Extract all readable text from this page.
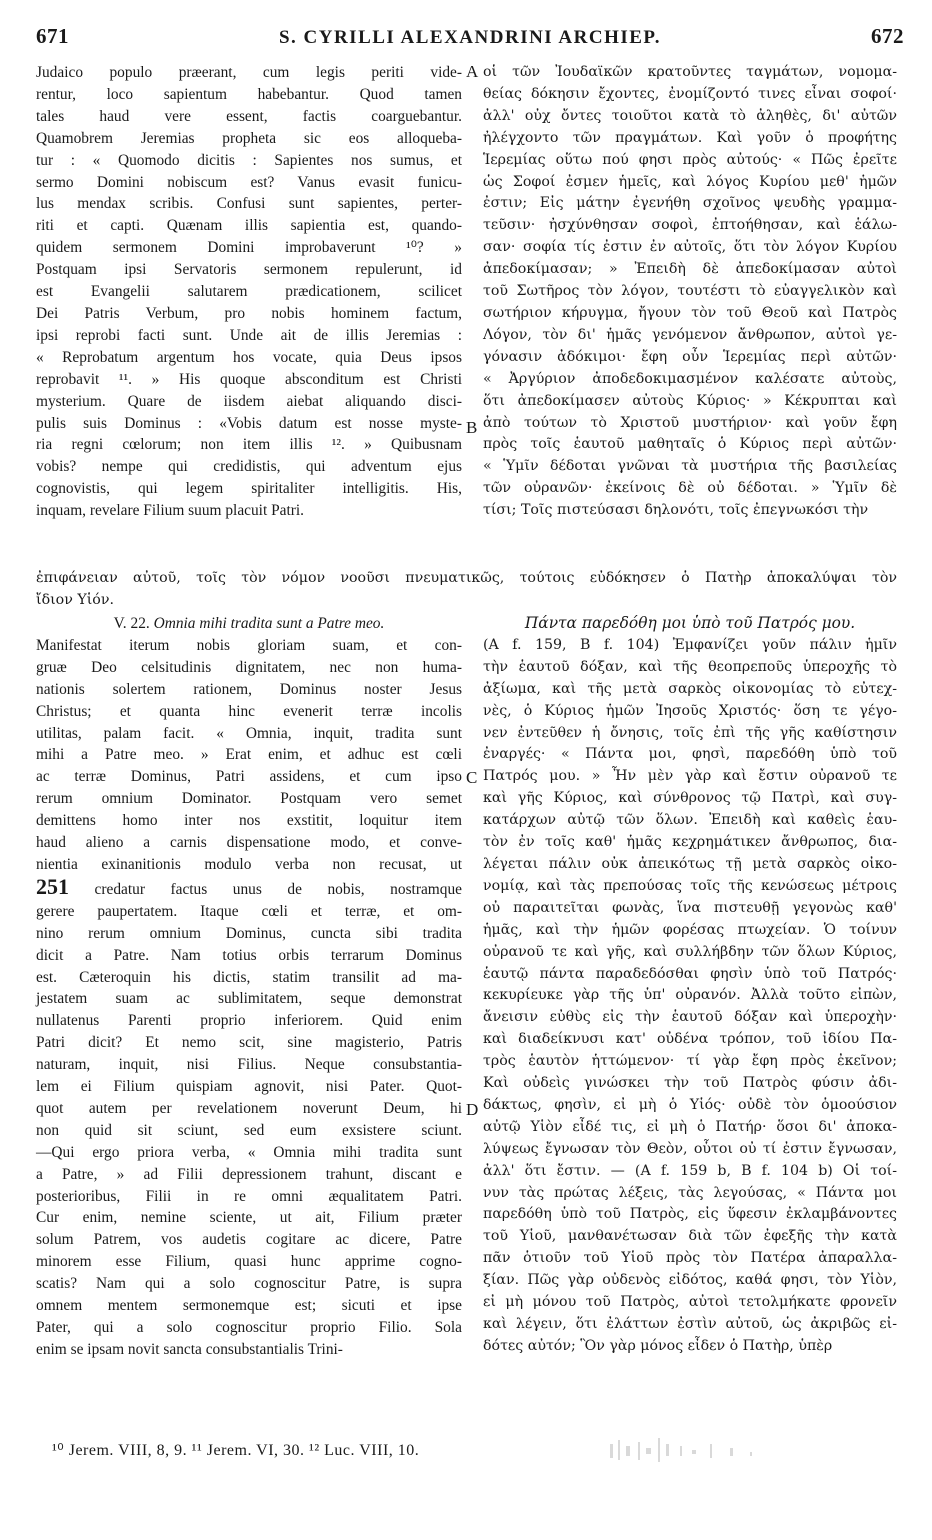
671	S. CYRILLI ALEXANDRINI ARCHIEP.	672
Judaico populo præerant, cum legis periti vide-
rentur, loco sapientum habebantur. Quod tamen
tales haud vere essent, factis coarguebantur.
Quamobrem Jeremias propheta sic eos alloqueba-
tur : « Quomodo dicitis : Sapientes nos sumus, et
sermo Domini nobiscum est? Vanus evasit funicu-
lus mendax scribis. Confusi sunt sapientes, perter-
riti et capti. Quænam illis sapientia est, quando-
quidem sermonem Domini improbaverunt ¹⁰? »
Postquam ipsi Servatoris sermonem repulerunt, id
est Evangelii salutarem prædicationem, scilicet
Dei Patris Verbum, pro nobis hominem factum,
ipsi reprobi facti sunt. Unde ait de illis Jeremias :
« Reprobatum argentum hos vocate, quia Deus ipsos
reprobavit ¹¹. » His quoque absconditum est Christi
mysterium. Quare de iisdem aiebat aliquando disci-
pulis suis Dominus : «Vobis datum est nosse myste-
ria regni cœlorum; non item illis ¹². » Quibusnam
vobis? nempe qui credidistis, qui adventum ejus
cognovistis, qui legem spiritaliter intelligitis. His,
inquam, revelare Filium suum placuit Patri.
οἱ τῶν Ἰουδαϊκῶν κρατοῦντες ταγμάτων, νομομα-
θείας δόκησιν ἔχοντες, ἐνομίζοντό τινες εἶναι σοφοί·
ἀλλ' οὐχ ὄντες τοιοῦτοι κατὰ τὸ ἀληθὲς, δι' αὐτῶν
ἠλέγχοντο τῶν πραγμάτων. Καὶ γοῦν ὁ προφήτης
Ἱερεμίας οὕτω πού φησι πρὸς αὐτούς· « Πῶς ἐρεῖτε
ὡς Σοφοί ἐσμεν ἡμεῖς, καὶ λόγος Κυρίου μεθ' ἡμῶν
ἐστιν; Εἰς μάτην ἐγενήθη σχοῖνος ψευδὴς γραμμα-
τεῦσιν· ἠσχύνθησαν σοφοὶ, ἐπτοήθησαν, καὶ ἑάλω-
σαν· σοφία τίς ἐστιν ἐν αὐτοῖς, ὅτι τὸν λόγον Κυρίου
ἀπεδοκίμασαν; » Ἐπειδὴ δὲ ἀπεδοκίμασαν αὐτοὶ
τοῦ Σωτῆρος τὸν λόγον, τουτέστι τὸ εὐαγγελικὸν καὶ
σωτήριον κήρυγμα, ἤγουν τὸν τοῦ Θεοῦ καὶ Πατρὸς
Λόγον, τὸν δι' ἡμᾶς γενόμενον ἄνθρωπον, αὐτοὶ γε-
γόνασιν ἀδόκιμοι· ἔφη οὖν Ἱερεμίας περὶ αὐτῶν·
« Ἀργύριον ἀποδεδοκιμασμένον καλέσατε αὐτοὺς,
ὅτι ἀπεδοκίμασεν αὐτοὺς Κύριος· » Κέκρυπται καὶ
ἀπὸ τούτων τὸ Χριστοῦ μυστήριον· καὶ γοῦν ἔφη
πρὸς τοῖς ἑαυτοῦ μαθηταῖς ὁ Κύριος περὶ αὐτῶν·
« Ὑμῖν δέδοται γνῶναι τὰ μυστήρια τῆς βασιλείας
τῶν οὐρανῶν· ἐκείνοις δὲ οὐ δέδοται. » Ὑμῖν δὲ
τίσι; Τοῖς πιστεύσασι δηλονότι, τοῖς ἐπεγνωκόσι τὴν
ἐπιφάνειαν αὐτοῦ, τοῖς τὸν νόμον νοοῦσι πνευματικῶς, τούτοις εὐδόκησεν ὁ Πατὴρ ἀποκαλύψαι τὸν
ἴδιον Υἱόν.
V. 22. Omnia mihi tradita sunt a Patre meo.
Manifestat iterum nobis gloriam suam, et con-
gruæ Deo celsitudinis dignitatem, nec non huma-
nationis solertem rationem, Dominus noster Jesus
Christus; et quanta hinc evenerit terræ incolis
utilitas, palam facit. « Omnia, inquit, tradita sunt
mihi a Patre meo. » Erat enim, et adhuc est cœli
ac terræ Dominus, Patri assidens, et cum ipso
rerum omnium Dominator. Postquam vero semet
demittens homo inter nos exstitit, loquitur item
haud alieno a carnis dispensatione modo, et conve-
nientia exinanitionis modulo verba non recusat, ut
251 credatur factus unus de nobis, nostramque
gerere paupertatem. Itaque cœli et terræ, et om-
nino rerum omnium Dominus, cuncta sibi tradita
dicit a Patre. Nam totius orbis terrarum Dominus
est. Cæteroquin his dictis, statim transilit ad ma-
jestatem suam ac sublimitatem, seque demonstrat
nullatenus Parenti proprio inferiorem. Quid enim
Patri dicit? Et nemo scit, sine magisterio, Patris
naturam, inquit, nisi Filius. Neque consubstantia-
lem ei Filium quispiam agnovit, nisi Pater. Quot-
quot autem per revelationem noverunt Deum, hi
non quid sit sciunt, sed eum exsistere sciunt.
—Qui ergo priora verba, « Omnia mihi tradita sunt
a Patre, » ad Filii depressionem trahunt, discant e
posterioribus, Filii in re omni æqualitatem Patri.
Cur enim, nemine sciente, ut ait, Filium præter
solum Patrem, vos audetis cogitare ac dicere, Patre
minorem esse Filium, quasi hunc apprime cogno-
scatis? Nam qui a solo cognoscitur Patre, is supra
omnem mentem sermonemque est; sicuti et ipse
Pater, qui a solo cognoscitur proprio Filio. Sola
enim se ipsam novit sancta consubstantialis Trini-
Πάντα παρεδόθη μοι ὑπὸ τοῦ Πατρός μου.
(A f. 159, B f. 104) Ἐμφανίζει γοῦν πάλιν ἡμῖν
τὴν ἑαυτοῦ δόξαν, καὶ τῆς θεοπρεποῦς ὑπεροχῆς τὸ
ἀξίωμα, καὶ τῆς μετὰ σαρκὸς οἰκονομίας τὸ εὐτεχ-
νὲς, ὁ Κύριος ἡμῶν Ἰησοῦς Χριστός· ὅση τε γέγο-
νεν ἐντεῦθεν ἡ ὄνησις, τοῖς ἐπὶ τῆς γῆς καθίστησιν
ἐναργές· « Πάντα μοι, φησὶ, παρεδόθη ὑπὸ τοῦ
Πατρός μου. » Ἦν μὲν γὰρ καὶ ἔστιν οὐρανοῦ τε
καὶ γῆς Κύριος, καὶ σύνθρονος τῷ Πατρὶ, καὶ συγ-
κατάρχων αὐτῷ τῶν ὅλων. Ἐπειδὴ καὶ καθεὶς ἑαυ-
τὸν ἐν τοῖς καθ' ἡμᾶς κεχρημάτικεν ἄνθρωπος, δια-
λέγεται πάλιν οὐκ ἀπεικότως τῇ μετὰ σαρκὸς οἰκο-
νομίᾳ, καὶ τὰς πρεπούσας τοῖς τῆς κενώσεως μέτροις
οὐ παραιτεῖται φωνὰς, ἵνα πιστευθῇ γεγονὼς καθ'
ἡμᾶς, καὶ τὴν ἡμῶν φορέσας πτωχείαν. Ὁ τοίνυν
οὐρανοῦ τε καὶ γῆς, καὶ συλλήβδην τῶν ὅλων Κύριος,
ἑαυτῷ πάντα παραδεδόσθαι φησὶν ὑπὸ τοῦ Πατρός·
κεκυρίευκε γὰρ τῆς ὑπ' οὐρανόν. Ἀλλὰ τοῦτο εἰπὼν,
ἄνεισιν εὐθὺς εἰς τὴν ἑαυτοῦ δόξαν καὶ ὑπεροχὴν·
καὶ διαδείκνυσι κατ' οὐδένα τρόπον, τοῦ ἰδίου Πα-
τρὸς ἑαυτὸν ἡττώμενον· τί γὰρ ἔφη πρὸς ἐκεῖνον;
Καὶ οὐδεὶς γινώσκει τὴν τοῦ Πατρὸς φύσιν ἀδι-
δάκτως, φησὶν, εἰ μὴ ὁ Υἱός· οὐδὲ τὸν ὁμοούσιον
αὐτῷ Υἱὸν εἶδέ τις, εἰ μὴ ὁ Πατήρ· ὅσοι δι' ἀποκα-
λύψεως ἔγνωσαν τὸν Θεὸν, οὗτοι οὐ τί ἐστιν ἔγνωσαν,
ἀλλ' ὅτι ἔστιν. — (A f. 159 b, B f. 104 b) Οἱ τοί-
νυν τὰς πρώτας λέξεις, τὰς λεγούσας, « Πάντα μοι
παρεδόθη ὑπὸ τοῦ Πατρὸς, εἰς ὕφεσιν ἐκλαμβάνοντες
τοῦ Υἱοῦ, μανθανέτωσαν διὰ τῶν ἐφεξῆς τὴν κατὰ
πᾶν ὁτιοῦν τοῦ Υἱοῦ πρὸς τὸν Πατέρα ἀπαραλλα-
ξίαν. Πῶς γὰρ οὐδενὸς εἰδότος, καθά φησι, τὸν Υἱὸν,
εἰ μὴ μόνου τοῦ Πατρὸς, αὐτοὶ τετολμήκατε φρονεῖν
καὶ λέγειν, ὅτι ἐλάττων ἐστὶν αὐτοῦ, ὡς ἀκριβῶς εἰ-
δότες αὐτόν; Ὃν γὰρ μόνος εἶδεν ὁ Πατὴρ, ὑπὲρ
A
B
C
D
¹⁰ Jerem. VIII, 8, 9. ¹¹ Jerem. VI, 30. ¹² Luc. VIII, 10.
